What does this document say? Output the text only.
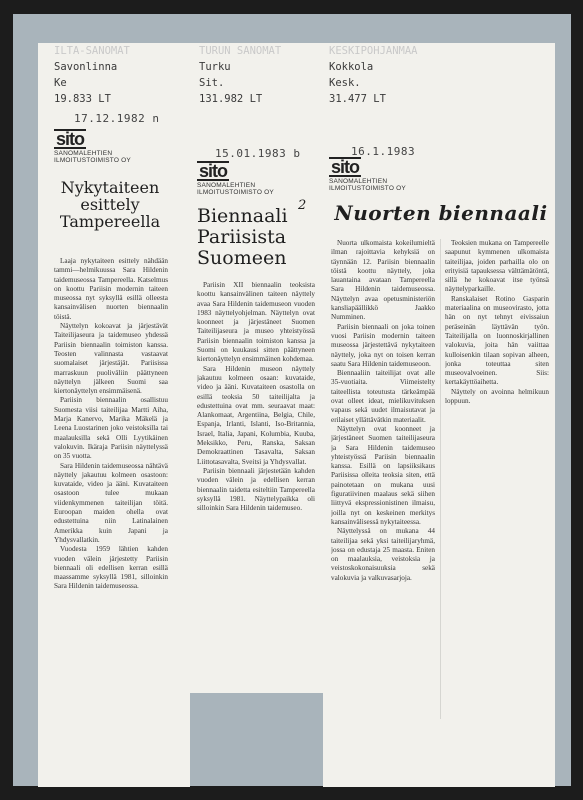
ILTA-SANOMAT
Savonlinna
Ke
19.833 LT
17.12.1982 n
sito
SANOMALEHTIEN
ILMOITUSTOIMISTO OY
Nykytaiteen esittely Tampereella

Laaja nykytaiteen esittely nähdään tammi—helmikuussa Sara Hildenin taidemuseossa Tampereella. Katselmus on koottu Pariisin modernin taiteen museossa nyt syksyllä esillä olleesta kansainvälisen nuorten biennaalin töistä.

Näyttelyn kokoavat ja järjestävät Taiteilijaseura ja taidemuseo yhdessä Pariisin biennaalin toimiston kanssa. Teosten valinnasta vastaavat suomalaiset järjestäjät. Pariisissa marraskuun puoliväliin päättyneen näyttelyn jälkeen Suomi saa kiertonäyttelyn ensimmäisenä.

Pariisin biennaalin osallistuu Suomesta viisi taiteilijaa Martti Aiha, Marja Kanervo, Marika Mäkelä ja Leena Luostarinen joko veistoksilla tai maalauksilla sekä Olli Lyytikäinen valokuvin. Ikäraja Pariisin näyttelyssä on 35 vuotta.

Sara Hildenin taidemuseossa nähtävä näyttely jakautuu kolmeen osastoon: kuvataide, video ja ääni. Kuvataiteen osastoon tulee mukaan viidenkymmenen taiteilijan töitä. Euroopan maiden ohella ovat edustettuina niin Latinalainen Amerikka kuin Japani ja Yhdysvallatkin.

Vuodesta 1959 lähtien kahden vuoden välein järjestetty Pariisin biennaali oli edellisen kerran esillä maassamme syksyllä 1981, silloinkin Sara Hildenin taidemuseossa.

TURUN SANOMAT
Turku
Sit.
131.982 LT
15.01.1983 b
sito
SANOMALEHTIEN
ILMOITUSTOIMISTO OY
2
Biennaali
Pariisista
Suomeen

Pariisin XII biennaalin teoksista koottu kansainvälinen taiteen näyttely avaa Sara Hildenin taidemuseon vuoden 1983 näyttelyohjelman. Näyttelyn ovat koonneet ja järjestäneet Suomen Taiteilijaseura ja museo yhteistyössä Pariisin biennaalin toimiston kanssa ja Suomi on kuukausi sitten päättyneen kiertonäyttelyn ensimmäinen kohdemaa.

Sara Hildenin museon näyttely jakautuu kolmeen osaan: kuvataide, video ja ääni. Kuvataiteen osastolla on esillä teoksia 50 taiteilijalta ja edustettuina ovat mm. seuraavat maat: Alankomaat, Argentiina, Belgia, Chile, Espanja, Irlanti, Islanti, Iso-Britannia, Israel, Italia, Japani, Kolumbia, Kuuba, Meksikko, Peru, Ranska, Saksan Demokraattinen Tasavalta, Saksan Liittotasavalta, Sveitsi ja Yhdysvallat.

Pariisin biennaali järjestetään kahden vuoden välein ja edellisen kerran biennaalin taidetta esiteltiin Tampereella syksyllä 1981. Näyttelypaikka oli silloinkin Sara Hildenin taidemuseo.

KESKIPOHJANMAA
Kokkola
Kesk.
31.477 LT
16.1.1983
sito
SANOMALEHTIEN
ILMOITUSTOIMISTO OY
Nuorten biennaali

Nuorta ulkomaista kokeilumieltä ilman rajoittavia kehyksiä on täynnään 12. Pariisin biennaalin töistä koottu näyttely, joka lauantaina avataan Tampereella Sara Hildenin taidemuseossa. Näyttelyn avaa opetusministeriön kansliapäällikkö Jaakko Numminen.

Pariisin biennaali on joka toinen vuosi Pariisin modernin taiteen museossa järjestettävä nykytaiteen näyttely, joka nyt on toisen kerran saatu Sara Hildenin taidemuseoon.

Biennaaliin taiteilijat ovat alle 35-vuotiaita. Viimeistelty taiteellista toteutusta tärkeämpää ovat olleet ideat, mielikuvituksen vapaus sekä uudet ilmaisutavat ja erilaiset yllättävätkin materiaalit.

Näyttelyn ovat koonneet ja järjestäneet Suomen taiteilijaseura ja Sara Hildenin taidemuseo yhteistyössä Pariisin biennaalin kanssa. Esillä on lapsiiksikaus Pariisissa olleita teoksia siten, että painotetaan on mukana uusi figuratiivinen maalaus sekä siihen liittyvä ekspressionistinen ilmaisu, joilla nyt on keskeinen merkitys kansainvälisessä nykytaiteessa.

Näyttelyssä on mukana 44 taiteilijaa sekä yksi taiteilijaryhmä, jossa on edustaja 25 maasta. Eniten on maalauksia, veistoksia ja veistoskokonaisuuksia sekä valokuvia ja valkuvasarjoja.

Teoksien mukana on Tampereelle saapunut kymmenen ulkomaista taiteilijaa, joiden parhailla olo on erityisiä tapauksessa välttämätöntä, sillä he kokoavat itse työnsä näyttelyparkaille.

Ranskalaiset Rotino Gasparin materiaalina on museovirasto, jotta hän on nyt tehnyt eivissaiun peräseinän läyttävän työn. Taiteilijalla on luonnoskirjallinen valokuvia, joita hän vaiittaa kulloisenkin tilaan sopivan alheen, jonka toteuttaa siten museovalvoeinen. Siis: kertakäyttöaihetta.

Näyttely on avoinna helmikuun loppuun.
